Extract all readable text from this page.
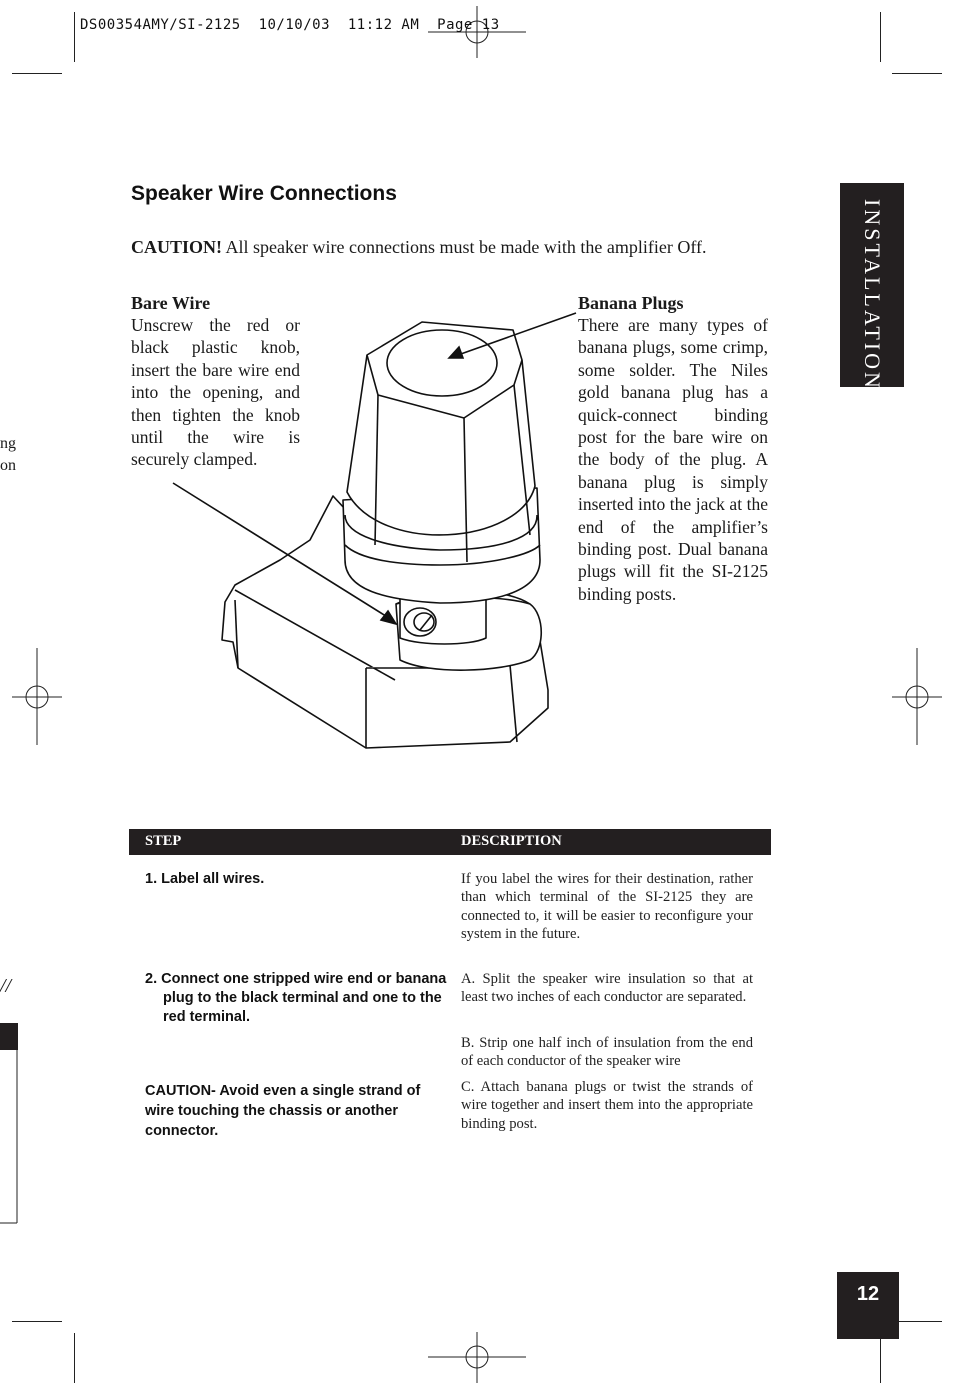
DS00354AMY/SI-2125  10/10/03  11:12 AM  Page 13
ng
on
//
INSTALLATION
Speaker Wire Connections
CAUTION! All speaker wire connections must be made with the amplifier Off.
Bare Wire
Unscrew the red or black plastic knob, insert the bare wire end into the opening, and then tighten the knob until the wire is securely clamped.
Banana Plugs
There are many types of banana plugs, some crimp, some solder. The Niles gold banana plug has a quick-connect binding post for the bare wire on the body of the plug. A banana plug is simply inserted into the jack at the end of the amplifier’s binding post. Dual banana plugs will fit the SI-2125 binding posts.
STEP	DESCRIPTION
1. Label all wires.	If you label the wires for their destination, rather than which terminal of the SI-2125 they are connected to, it will be easier to reconfigure your system in the future.
2. Connect one stripped wire end or banana plug to the black terminal and one to the red terminal.
CAUTION- Avoid even a single strand of wire touching the chassis or another connector.
A. Split the speaker wire insulation so that at least two inches of each conductor are separated.
B. Strip one half inch of insulation from the end of each conductor of the speaker wire
C. Attach banana plugs or twist the strands of wire together and insert them into the appropriate binding post.
12
